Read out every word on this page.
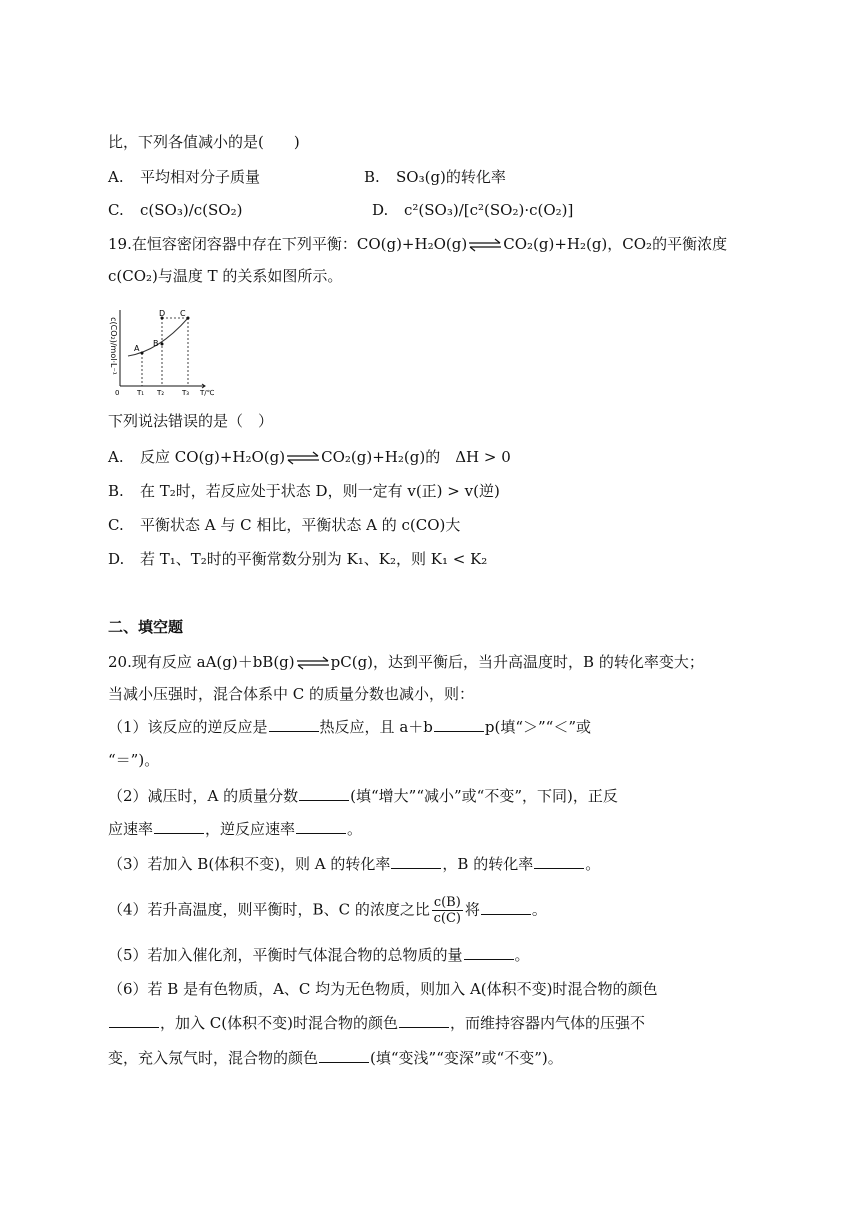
比，下列各值减小的是(　　)
A. 平均相对分子质量	B. SO₃(g)的转化率
C. c(SO₃)/c(SO₂)	D. c²(SO₃)/[c²(SO₂)·c(O₂)]
19.在恒容密闭容器中存在下列平衡：CO(g)+H₂O(g)⇌CO₂(g)+H₂(g)，CO₂的平衡浓度
c(CO₂)与温度 T 的关系如图所示。
c(CO₂)/mol·L⁻¹ A
B
C
D
0	T₁ T₂	T₃ T/℃
下列说法错误的是（　）
A. 反应 CO(g)+H₂O(g)⇌CO₂(g)+H₂(g)的　ΔH > 0
B. 在 T₂时，若反应处于状态 D，则一定有 v(正) > v(逆)
C. 平衡状态 A 与 C 相比，平衡状态 A 的 c(CO)大
D. 若 T₁、T₂时的平衡常数分别为 K₁、K₂，则 K₁ < K₂
二、填空题
20.现有反应 aA(g)＋bB(g)⇌pC(g)，达到平衡后，当升高温度时，B 的转化率变大；
当减小压强时，混合体系中 C 的质量分数也减小，则：
（1）该反应的逆反应是	热反应，且 a＋b	p(填“＞”“＜”或
“＝”)。
（2）减压时，A 的质量分数	(填“增大”“减小”或“不变”，下同)，正反
应速率	，逆反应速率	。
（3）若加入 B(体积不变)，则 A 的转化率	，B 的转化率	。
（4）若升高温度，则平衡时，B、C 的浓度之比 $\frac{c(B)}{c(C)}$ 将	。
（5）若加入催化剂，平衡时气体混合物的总物质的量	。
（6）若 B 是有色物质，A、C 均为无色物质，则加入 A(体积不变)时混合物的颜色
，加入 C(体积不变)时混合物的颜色	，而维持容器内气体的压强不
变，充入氖气时，混合物的颜色	(填“变浅”“变深”或“不变”)。
